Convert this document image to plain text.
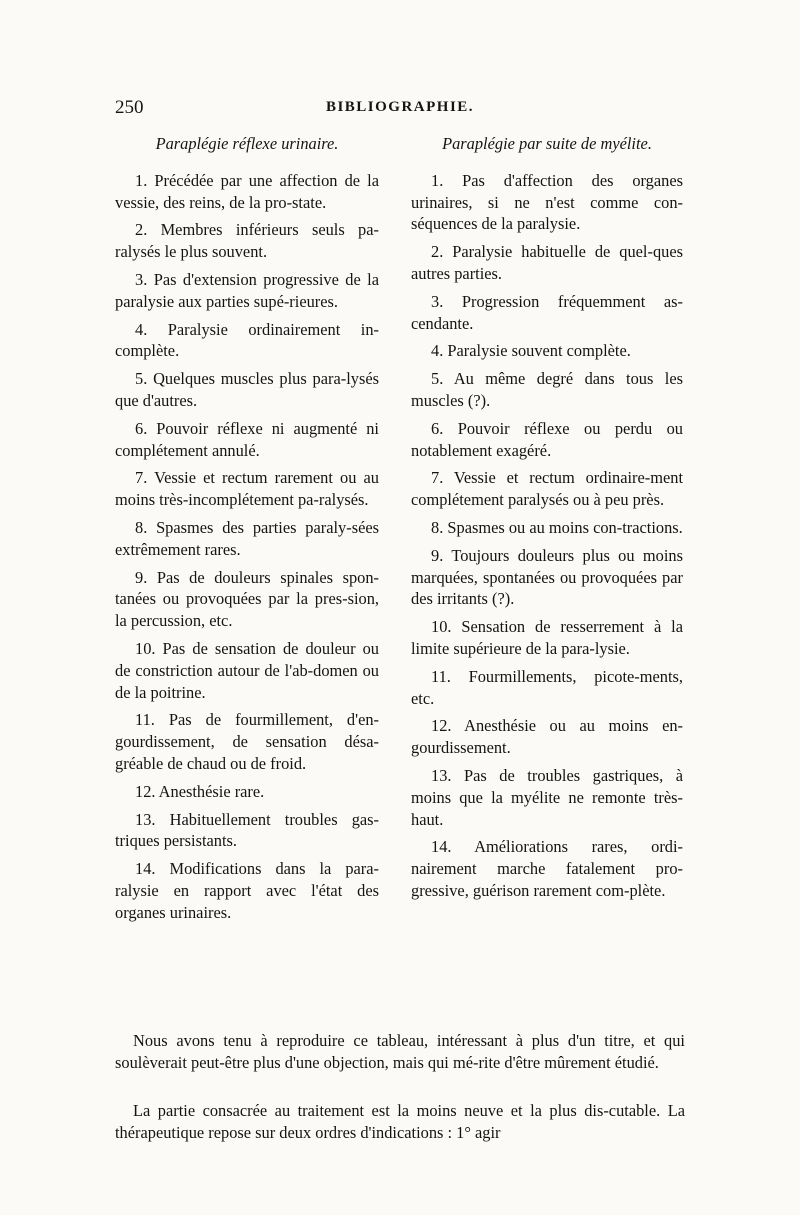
250	BIBLIOGRAPHIE.
Paraplégie réflexe urinaire.

1. Précédée par une affection de la vessie, des reins, de la pro-state.

2. Membres inférieurs seuls pa-ralysés le plus souvent.

3. Pas d'extension progressive de la paralysie aux parties supé-rieures.

4. Paralysie ordinairement in-complète.

5. Quelques muscles plus para-lysés que d'autres.

6. Pouvoir réflexe ni augmenté ni complétement annulé.

7. Vessie et rectum rarement ou au moins très-incomplétement pa-ralysés.

8. Spasmes des parties paraly-sées extrêmement rares.

9. Pas de douleurs spinales spon-tanées ou provoquées par la pres-sion, la percussion, etc.

10. Pas de sensation de douleur ou de constriction autour de l'ab-domen ou de la poitrine.

11. Pas de fourmillement, d'en-gourdissement, de sensation désa-gréable de chaud ou de froid.

12. Anesthésie rare.

13. Habituellement troubles gas-triques persistants.

14. Modifications dans la para-ralysie en rapport avec l'état des organes urinaires.

Paraplégie par suite de myélite.

1. Pas d'affection des organes urinaires, si ne n'est comme con-séquences de la paralysie.

2. Paralysie habituelle de quel-ques autres parties.

3. Progression fréquemment as-cendante.

4. Paralysie souvent complète.

5. Au même degré dans tous les muscles (?).

6. Pouvoir réflexe ou perdu ou notablement exagéré.

7. Vessie et rectum ordinaire-ment complétement paralysés ou à peu près.

8. Spasmes ou au moins con-tractions.

9. Toujours douleurs plus ou moins marquées, spontanées ou provoquées par des irritants (?).

10. Sensation de resserrement à la limite supérieure de la para-lysie.

11. Fourmillements, picote-ments, etc.

12. Anesthésie ou au moins en-gourdissement.

13. Pas de troubles gastriques, à moins que la myélite ne remonte très-haut.

14. Améliorations rares, ordi-nairement marche fatalement pro-gressive, guérison rarement com-plète.

Nous avons tenu à reproduire ce tableau, intéressant à plus d'un titre, et qui soulèverait peut-être plus d'une objection, mais qui mé-rite d'être mûrement étudié.

La partie consacrée au traitement est la moins neuve et la plus dis-cutable. La thérapeutique repose sur deux ordres d'indications : 1° agir
